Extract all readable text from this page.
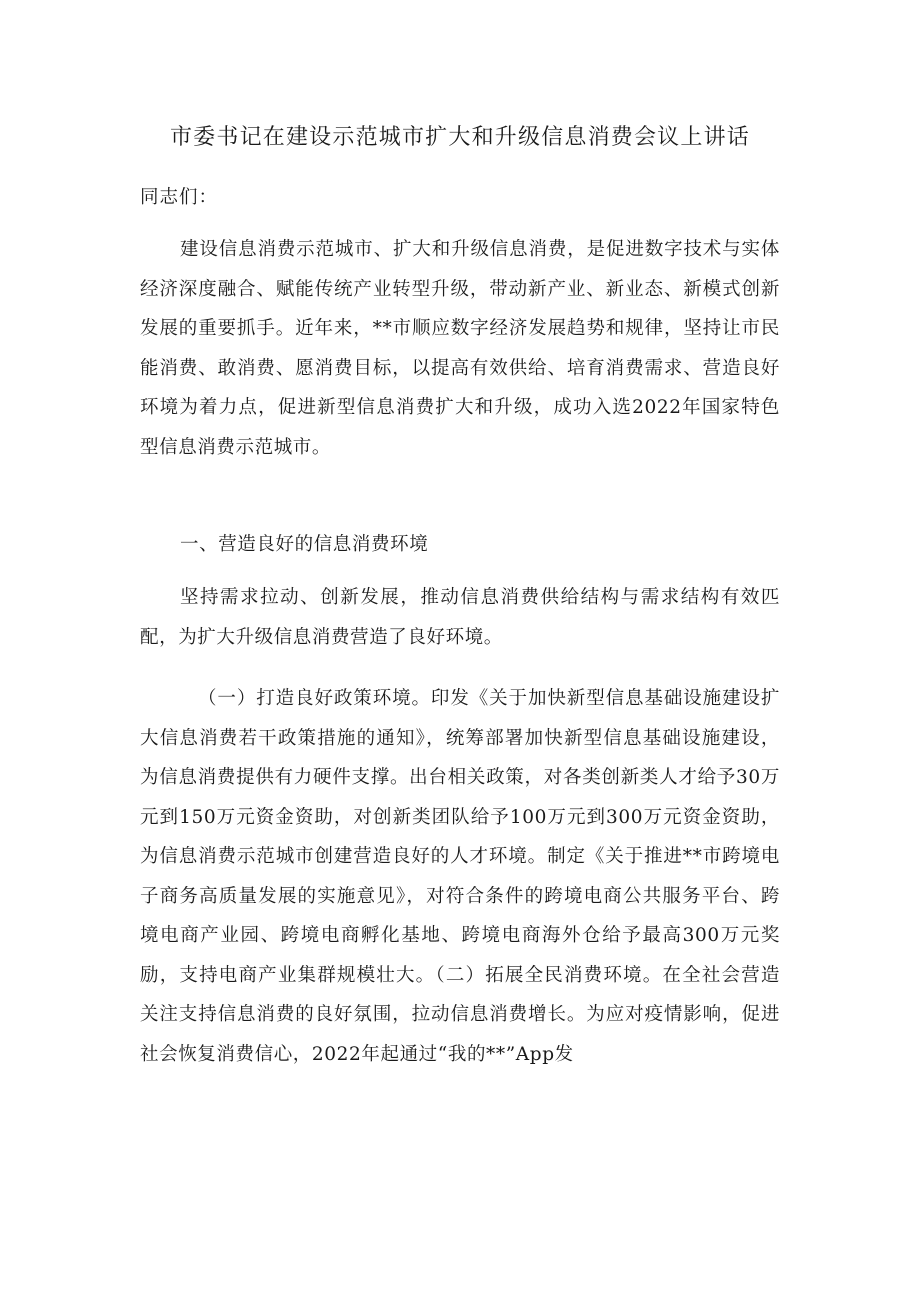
市委书记在建设示范城市扩大和升级信息消费会议上讲话
同志们：

建设信息消费示范城市、扩大和升级信息消费，是促进数字技术与实体经济深度融合、赋能传统产业转型升级，带动新产业、新业态、新模式创新发展的重要抓手。近年来，**市顺应数字经济发展趋势和规律，坚持让市民能消费、敢消费、愿消费目标，以提高有效供给、培育消费需求、营造良好环境为着力点，促进新型信息消费扩大和升级，成功入选2022年国家特色型信息消费示范城市。

一、营造良好的信息消费环境

坚持需求拉动、创新发展，推动信息消费供给结构与需求结构有效匹配，为扩大升级信息消费营造了良好环境。

（一）打造良好政策环境。印发《关于加快新型信息基础设施建设扩大信息消费若干政策措施的通知》，统筹部署加快新型信息基础设施建设，为信息消费提供有力硬件支撑。出台相关政策，对各类创新类人才给予30万元到150万元资金资助，对创新类团队给予100万元到300万元资金资助，为信息消费示范城市创建营造良好的人才环境。制定《关于推进**市跨境电子商务高质量发展的实施意见》，对符合条件的跨境电商公共服务平台、跨境电商产业园、跨境电商孵化基地、跨境电商海外仓给予最高300万元奖励，支持电商产业集群规模壮大。（二）拓展全民消费环境。在全社会营造关注支持信息消费的良好氛围，拉动信息消费增长。为应对疫情影响，促进社会恢复消费信心，2022年起通过“我的**”App发
